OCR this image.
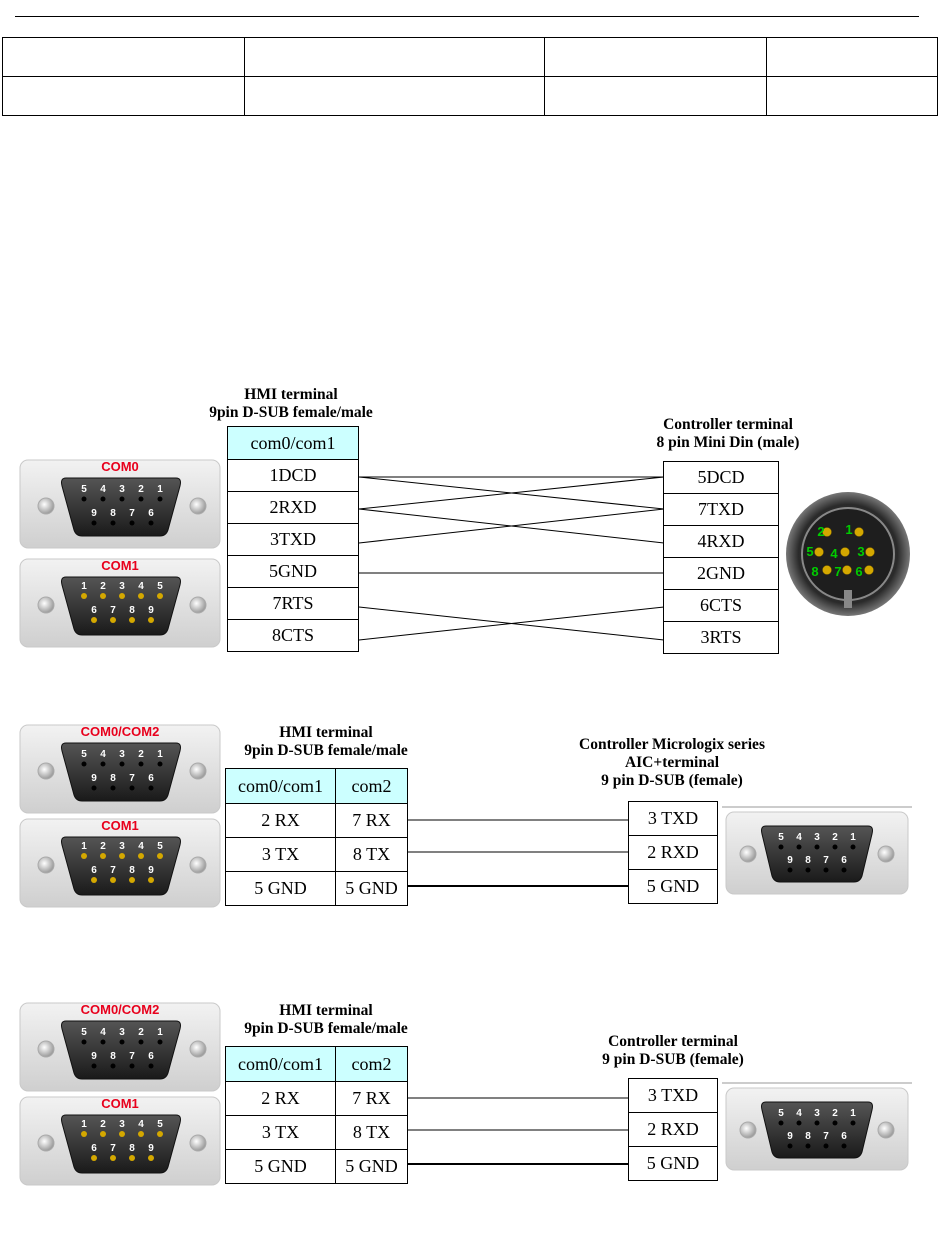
HMI terminal
9pin D-SUB female/male
Controller terminal
8 pin Mini Din (male)
com0/com1
1DCD
2RXD
3TXD
5GND
7RTS
8CTS
5DCD
7TXD
4RXD
2GND
6CTS
3RTS
COM0
5 4 3 2 1
9 8 7 6
COM1
1 2 3 4 5
6 7 8 9
2 1
5 4 3
8 7 6
HMI terminal
9pin D-SUB female/male	Controller Micrologix series
AIC+terminal
9 pin D-SUB (female)
com0/com1	com2
2 RX	7 RX
3 TX	8 TX
5 GND	5 GND
3 TXD
2 RXD
5 GND
COM0/COM2
5 4 3 2 1
9 8 7 6
COM1
1 2 3 4 5
6 7 8 9
5 4 3 2 1
9 8 7 6
HMI terminal
9pin D-SUB female/male
Controller terminal
9 pin D-SUB (female)
com0/com1	com2
2 RX	7 RX
3 TX	8 TX
5 GND	5 GND
3 TXD
2 RXD
5 GND
COM0/COM2
5 4 3 2 1
9 8 7 6
COM1
1 2 3 4 5
6 7 8 9
5 4 3 2 1
9 8 7 6
